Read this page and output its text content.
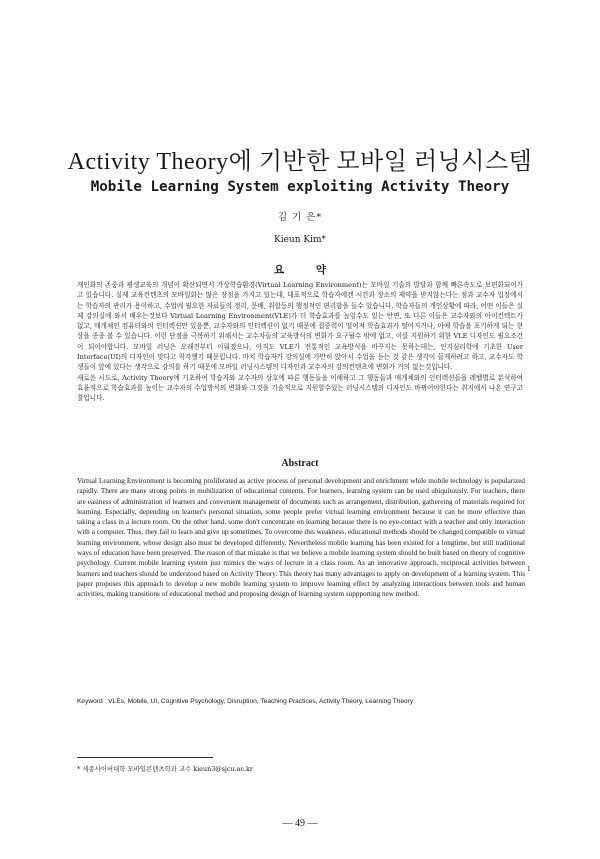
Activity Theory에 기반한 모바일 러닝시스템
Mobile Learning System exploiting Activity Theory
김 기 은*
Kieun Kim*
요 약

개인화의 존중과 평생교육의 개념이 확산되면서 가상학습환경(Virtual Learning Environment)는 모바일 기술의 발달과 함께 빠른속도로 보편화되어가고 있습니다. 실제 교육컨텐츠의 모바일화는 많은 장점을 가지고 있는데, 대표적으로 학습자에겐 시간과 장소의 제약을 받지않는다는 점과 교수자 입장에서는 학습자의 관리가 용이하고, 수업에 필요한 자료들의 정리, 문배, 취합등의 행정적인 편리함을 들수 있습니다. 학습자들의 개인상황에 따라, 어떤 이들은 실제 강의실에 와서 배우는것보다 Virtual Learning Environment(VLE)가 더 학습효과를 높일수도 있는 반면, 또 다른 이들은 교수자와의 아이컨텍트가 없고, 매개체인 컴퓨터와의 인터렉션만 있음뿐, 교수자와의 인터렉션이 없기 때문에 집중력이 떨어져 학습효과가 떨어지거나, 아예 학습을 포기하게 되는 현상을 종종 볼 수 있습니다. 이런 단점을 극복하기 위해서는 교수자들의 교육방식의 변화가 요구될수 밖에 없고, 이를 지원하기 위한 VLE 디자인도 필요조건이 되어야합니다. 모바일 러닝은 오래전부터 이뤄졌으나, 아직도 VLE가 전통적인 교육방식을 바꾸지는 못하는데는, 인지심리학에 기초한 User Interface(UI)의 디자인이 맞다고 착각했기 때문입니다. 마치 학습자가 강의실에 가만히 앉아서 수업을 듣는 것 같은 생각이 들게하려고 하고, 교수자도 학생들이 앞에 있다는 생각으로 강의를 하기 때문에 모바일 러닝시스템의 디자인과 교수자의 강의컨텐츠에 변화가 거의 없는것입니다.

새로운 시도로, Activity Theory에 기초하여 학습자와 교수자의 상호에 따른 행동들을 이해하고 그 행동들과 매개체와의 인터렉션들을 레벨별로 분석하여 효율적으로 학습효과를 높이는 교수자의 수업방식의 변화와 그것을 기술적으로 지원할수있는 러닝시스템의 디자인도 바뀌어야한다는 취지에서 나온 연구고찰입니다.

Abstract

Virtual Learning Environment is becoming proliferated as active process of personal development and enrichment while mobile technology is popularized rapidly. There are many strong points in mobilization of educational contents. For learners, learning system can be used ubiquitously. For teachers, there are easiness of administration of learners and convenient management of documents such as arrangement, distribution, gathereing of materials required for learning. Especially, depending on learner's personal situation, some people prefer virtual learning environment because it can be more effective than taking a class in a lecture room. On the other hand, some don't concentrate on learning because there is no eye-contact with a teacher and only interaction with a computer. Thus, they fail to learn and give up sometimes. To overcome this weakness, educational methods should be changed compatible to virtual learning environment, whose design also must be developed differently. Nevertheless mobile learning has been existed for a longtime, but still traditional ways of education have been preserved. The reason of that mistake is that we believe a mobile learning system should be built based on theory of cognitive psychology. Current mobile learning system just mimics the ways of lecture in a class room. As an innovative approach, reciprocal activities between learners and teachers should be understood based on Activity Theory. This theory has many advantages to apply on development of a learning system. This paper proposes this approach to develop a new mobile learning system to improve learning effect by analyzing interactions between tools and human activities, making transitions of educational method and proposing design of learning system suppporting new method.

1
Keyword : VLEs, Mobile, UI, Cognitive Psychology, Disruption, Teaching Practices, Activity Theory, Learning Theory
* 세종사이버대학 모바일콘텐츠학과 교수 kieun3@sjcu.ac.kr
― 49 ―
